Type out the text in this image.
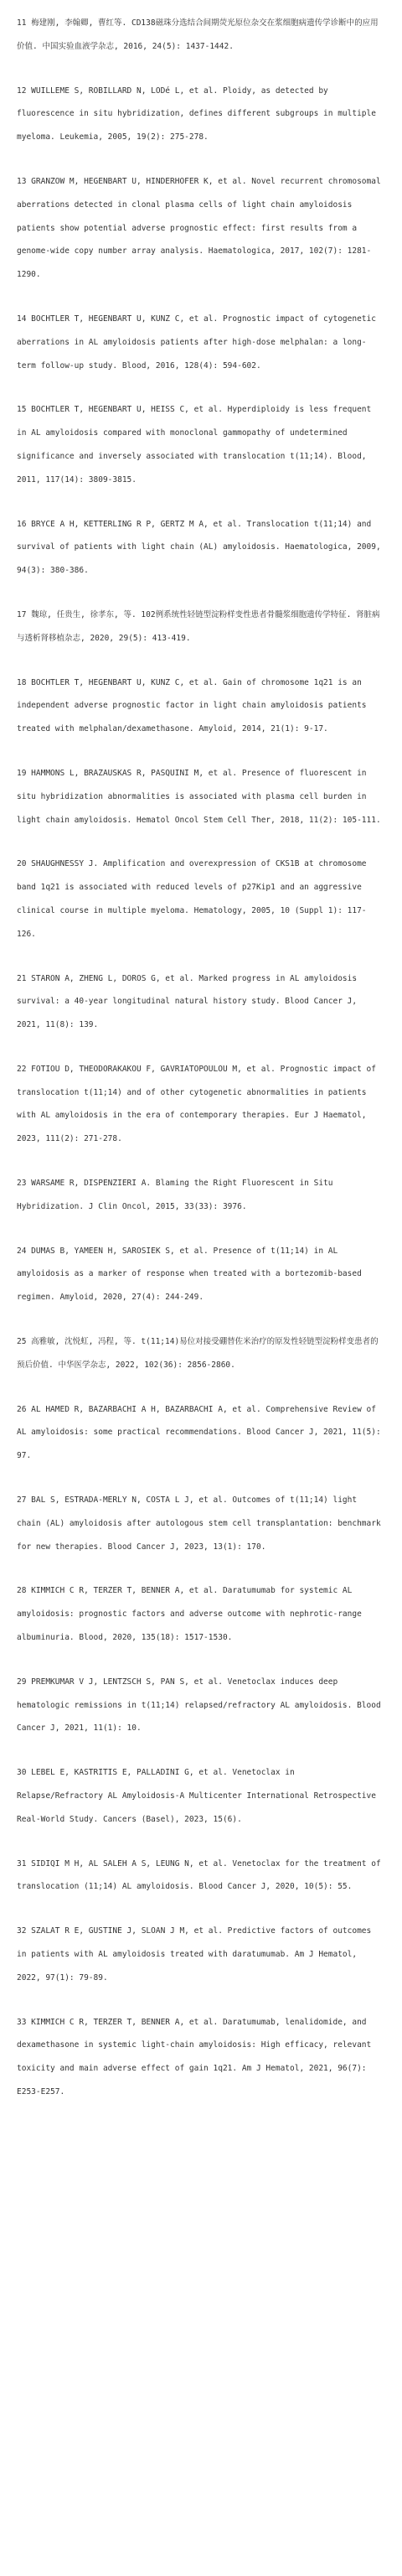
11 梅建刚, 李翰卿, 曹红等. CD138磁珠分选结合间期荧光原位杂交在浆细胞病遗传学诊断中的应用价值. 中国实验血液学杂志, 2016, 24(5): 1437-1442.
12 WUILLEME S, ROBILLARD N, LODé L, et al. Ploidy, as detected by fluorescence in situ hybridization, defines different subgroups in multiple myeloma. Leukemia, 2005, 19(2): 275-278.
13 GRANZOW M, HEGENBART U, HINDERHOFER K, et al. Novel recurrent chromosomal aberrations detected in clonal plasma cells of light chain amyloidosis patients show potential adverse prognostic effect: first results from a genome-wide copy number array analysis. Haematologica, 2017, 102(7): 1281-1290.
14 BOCHTLER T, HEGENBART U, KUNZ C, et al. Prognostic impact of cytogenetic aberrations in AL amyloidosis patients after high-dose melphalan: a long-term follow-up study. Blood, 2016, 128(4): 594-602.
15 BOCHTLER T, HEGENBART U, HEISS C, et al. Hyperdiploidy is less frequent in AL amyloidosis compared with monoclonal gammopathy of undetermined significance and inversely associated with translocation t(11;14). Blood, 2011, 117(14): 3809-3815.
16 BRYCE A H, KETTERLING R P, GERTZ M A, et al. Translocation t(11;14) and survival of patients with light chain (AL) amyloidosis. Haematologica, 2009, 94(3): 380-386.
17 魏琼, 任贵生, 徐孝东, 等. 102例系统性轻链型淀粉样变性患者骨髓浆细胞遗传学特征. 肾脏病与透析肾移植杂志, 2020, 29(5): 413-419.
18 BOCHTLER T, HEGENBART U, KUNZ C, et al. Gain of chromosome 1q21 is an independent adverse prognostic factor in light chain amyloidosis patients treated with melphalan/dexamethasone. Amyloid, 2014, 21(1): 9-17.
19 HAMMONS L, BRAZAUSKAS R, PASQUINI M, et al. Presence of fluorescent in situ hybridization abnormalities is associated with plasma cell burden in light chain amyloidosis. Hematol Oncol Stem Cell Ther, 2018, 11(2): 105-111.
20 SHAUGHNESSY J. Amplification and overexpression of CKS1B at chromosome band 1q21 is associated with reduced levels of p27Kip1 and an aggressive clinical course in multiple myeloma. Hematology, 2005, 10 (Suppl 1): 117-126.
21 STARON A, ZHENG L, DOROS G, et al. Marked progress in AL amyloidosis survival: a 40-year longitudinal natural history study. Blood Cancer J, 2021, 11(8): 139.
22 FOTIOU D, THEODORAKAKOU F, GAVRIATOPOULOU M, et al. Prognostic impact of translocation t(11;14) and of other cytogenetic abnormalities in patients with AL amyloidosis in the era of contemporary therapies. Eur J Haematol, 2023, 111(2): 271-278.
23 WARSAME R, DISPENZIERI A. Blaming the Right Fluorescent in Situ Hybridization. J Clin Oncol, 2015, 33(33): 3976.
24 DUMAS B, YAMEEN H, SAROSIEK S, et al. Presence of t(11;14) in AL amyloidosis as a marker of response when treated with a bortezomib-based regimen. Amyloid, 2020, 27(4): 244-249.
25 高雅敏, 沈悦虹, 冯程, 等. t(11;14)易位对接受硼替佐米治疗的原发性轻链型淀粉样变患者的预后价值. 中华医学杂志, 2022, 102(36): 2856-2860.
26 AL HAMED R, BAZARBACHI A H, BAZARBACHI A, et al. Comprehensive Review of AL amyloidosis: some practical recommendations. Blood Cancer J, 2021, 11(5): 97.
27 BAL S, ESTRADA-MERLY N, COSTA L J, et al. Outcomes of t(11;14) light chain (AL) amyloidosis after autologous stem cell transplantation: benchmark for new therapies. Blood Cancer J, 2023, 13(1): 170.
28 KIMMICH C R, TERZER T, BENNER A, et al. Daratumumab for systemic AL amyloidosis: prognostic factors and adverse outcome with nephrotic-range albuminuria. Blood, 2020, 135(18): 1517-1530.
29 PREMKUMAR V J, LENTZSCH S, PAN S, et al. Venetoclax induces deep hematologic remissions in t(11;14) relapsed/refractory AL amyloidosis. Blood Cancer J, 2021, 11(1): 10.
30 LEBEL E, KASTRITIS E, PALLADINI G, et al. Venetoclax in Relapse/Refractory AL Amyloidosis-A Multicenter International Retrospective Real-World Study. Cancers (Basel), 2023, 15(6).
31 SIDIQI M H, AL SALEH A S, LEUNG N, et al. Venetoclax for the treatment of translocation (11;14) AL amyloidosis. Blood Cancer J, 2020, 10(5): 55.
32 SZALAT R E, GUSTINE J, SLOAN J M, et al. Predictive factors of outcomes in patients with AL amyloidosis treated with daratumumab. Am J Hematol, 2022, 97(1): 79-89.
33 KIMMICH C R, TERZER T, BENNER A, et al. Daratumumab, lenalidomide, and dexamethasone in systemic light-chain amyloidosis: High efficacy, relevant toxicity and main adverse effect of gain 1q21. Am J Hematol, 2021, 96(7): E253-E257.
